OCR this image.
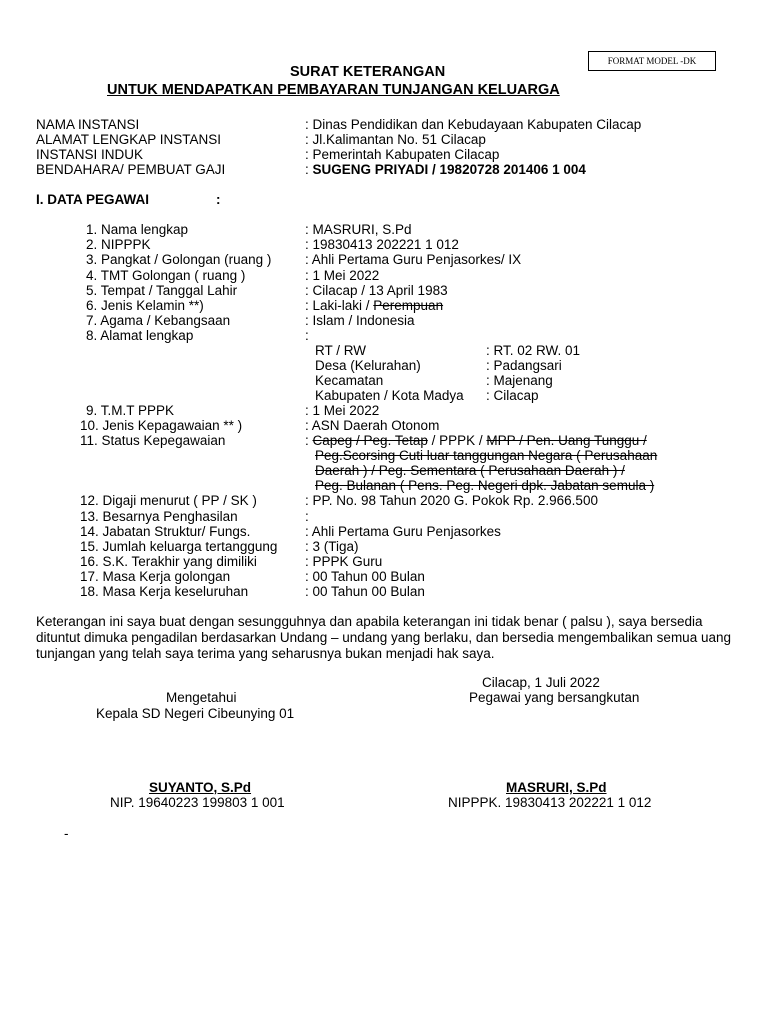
FORMAT MODEL -DK
SURAT KETERANGAN
UNTUK MENDAPATKAN PEMBAYARAN TUNJANGAN KELUARGA
NAMA INSTANSI	: Dinas Pendidikan dan Kebudayaan Kabupaten Cilacap
ALAMAT LENGKAP INSTANSI	: Jl.Kalimantan No. 51 Cilacap
INSTANSI INDUK	: Pemerintah Kabupaten Cilacap
BENDAHARA/ PEMBUAT GAJI	: SUGENG PRIYADI / 19820728 201406 1 004
I. DATA PEGAWAI	:
1. Nama lengkap	: MASRURI, S.Pd
2. NIPPPK	: 19830413 202221 1 012
3. Pangkat / Golongan (ruang ) : Ahli Pertama Guru Penjasorkes/ IX
4. TMT Golongan ( ruang )	: 1 Mei 2022
5. Tempat / Tanggal Lahir	: Cilacap / 13 April 1983
6. Jenis Kelamin **)	: Laki-laki / Perempuan
7. Agama / Kebangsaan	: Islam / Indonesia
8. Alamat lengkap	:
RT / RW	: RT. 02 RW. 01
Desa (Kelurahan)	: Padangsari
Kecamatan	: Majenang
Kabupaten / Kota Madya : Cilacap
9. T.M.T PPPK	: 1 Mei 2022
10. Jenis Kepagawaian ** )	: ASN Daerah Otonom
11. Status Kepegawaian	: Capeg / Peg. Tetap / PPPK / MPP / Pen. Uang Tunggu /
Peg.Scorsing Cuti luar tanggungan Negara ( Perusahaan
Daerah ) / Peg. Sementara ( Perusahaan Daerah ) /
Peg. Bulanan ( Pens. Peg. Negeri dpk. Jabatan semula )
12. Digaji menurut ( PP / SK )	: PP. No. 98 Tahun 2020 G. Pokok Rp. 2.966.500
13. Besarnya Penghasilan	:
14. Jabatan Struktur/ Fungs.	: Ahli Pertama Guru Penjasorkes
15. Jumlah keluarga tertanggung : 3 (Tiga)
16. S.K. Terakhir yang dimiliki	: PPPK Guru
17. Masa Kerja golongan	: 00 Tahun 00 Bulan
18. Masa Kerja keseluruhan	: 00 Tahun 00 Bulan
Keterangan ini saya buat dengan sesungguhnya dan apabila keterangan ini tidak benar ( palsu ), saya bersedia dituntut dimuka pengadilan berdasarkan Undang – undang yang berlaku, dan bersedia mengembalikan semua uang tunjangan yang telah saya terima yang seharusnya bukan menjadi hak saya.
Cilacap, 1 Juli 2022
Mengetahui
Kepala SD Negeri Cibeunying 01
Pegawai yang bersangkutan
SUYANTO, S.Pd
NIP. 19640223 199803 1 001
MASRURI, S.Pd
NIPPPK. 19830413 202221 1 012
-
